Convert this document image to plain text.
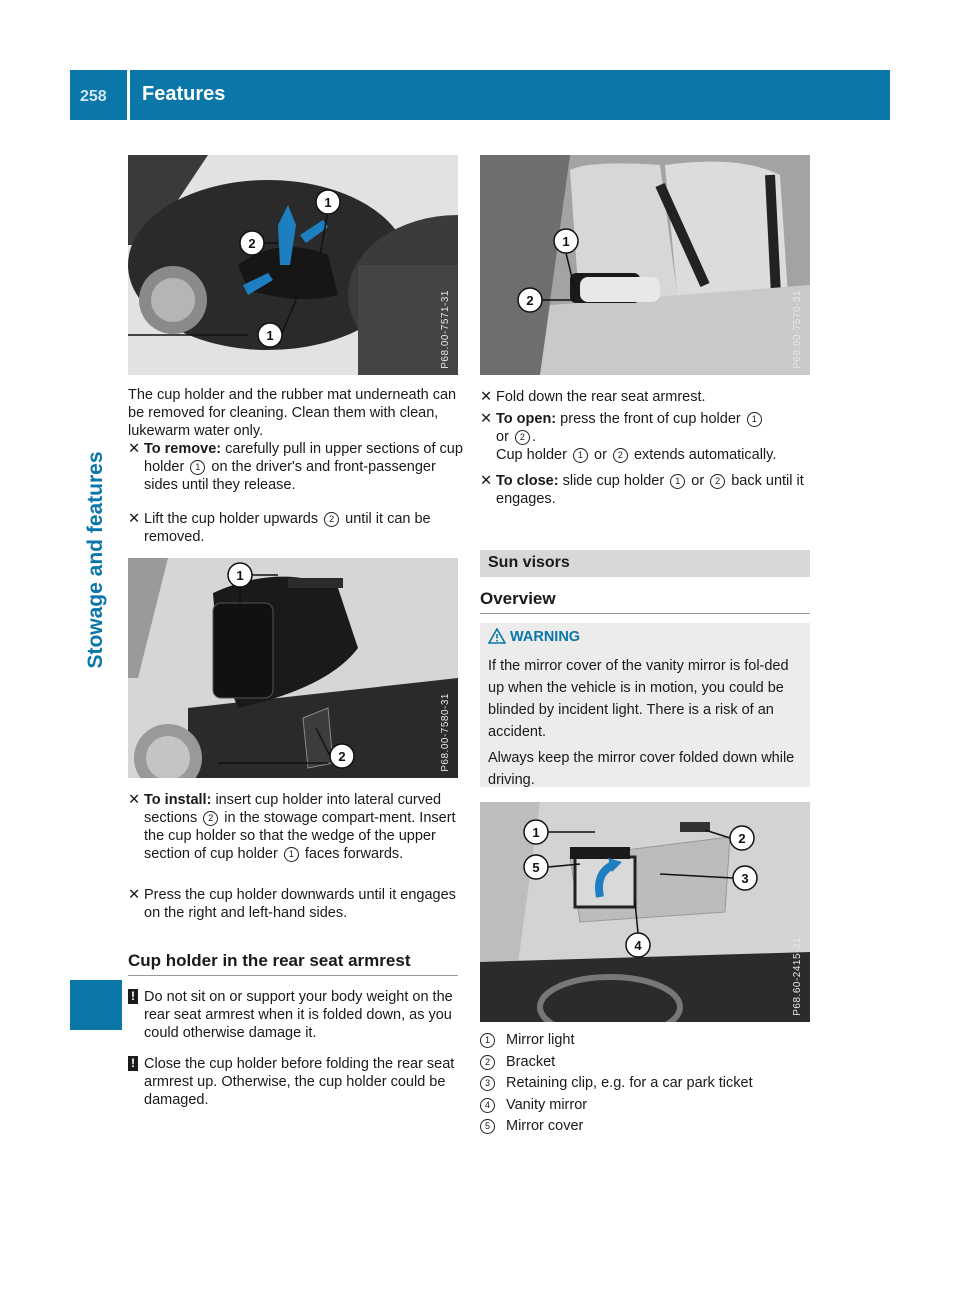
258 Features
Stowage and features
1
2
1	P68.00-7571-31

The cup holder and the rubber mat underneath can be removed for cleaning. Clean them with clean, lukewarm water only.

✕ To remove: carefully pull in upper sections of cup holder 1 on the driver's and front-passenger sides until they release.
✕ Lift the cup holder upwards 2 until it can be removed.
1
2	P68.00-7580-31
✕ To install: insert cup holder into lateral curved sections 2 in the stowage compart-ment. Insert the cup holder so that the wedge of the upper section of cup holder 1 faces forwards.
✕ Press the cup holder downwards until it engages on the right and left-hand sides.
Cup holder in the rear seat armrest
! Do not sit on or support your body weight on the rear seat armrest when it is folded down, as you could otherwise damage it.
! Close the cup holder before folding the rear seat armrest up. Otherwise, the cup holder could be damaged.
1
2	P68.00-7570-31
✕ Fold down the rear seat armrest.
✕ To open: press the front of cup holder 1
or 2 .
Cup holder 1 or 2 extends automatically.
✕ To close: slide cup holder 1 or 2 back until it engages.
Sun visors
Overview
WARNING
If the mirror cover of the vanity mirror is fol-ded up when the vehicle is in motion, you could be blinded by incident light. There is a risk of an accident.
Always keep the mirror cover folded down while driving.
1	2
5
3
4	P68.60-2415-31
1	Mirror light
2	Bracket
3	Retaining clip, e.g. for a car park ticket
4	Vanity mirror
5	Mirror cover
